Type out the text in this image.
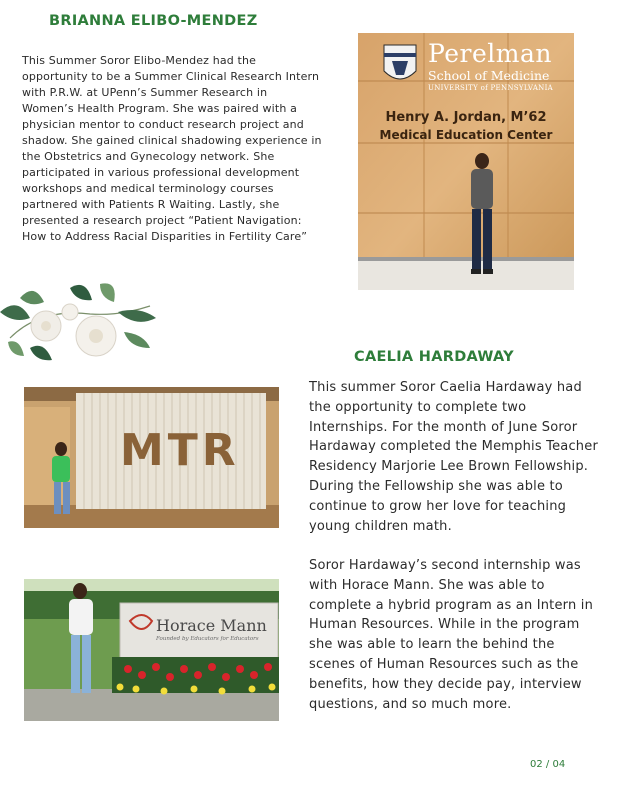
BRIANNA ELIBO-MENDEZ

This Summer Soror Elibo-Mendez had the opportunity to be a Summer Clinical Research Intern with P.R.W. at UPenn’s Summer Research in Women’s Health Program. She was paired with a physician mentor to conduct research project and shadow. She gained clinical shadowing experience in the Obstetrics and Gynecology network. She participated in various professional development workshops and medical terminology courses partnered with Patients R Waiting. Lastly, she presented a research project “Patient Navigation: How to Address Racial Disparities in Fertility Care”

Perelman
School of Medicine
UNIVERSITY of PENNSYLVANIA
Henry A. Jordan, M’62
Medical Education Center
CAELIA HARDAWAY
MTR

This summer Soror Caelia Hardaway had the opportunity to complete two Internships. For the month of June Soror Hardaway completed the Memphis Teacher Residency Marjorie Lee Brown Fellowship. During the Fellowship she was able to continue to grow her love for teaching young children math.

Soror Hardaway’s second internship was with Horace Mann. She was able to complete a hybrid program as an Intern in Human Resources. While in the program she was able to learn the behind the scenes of Human Resources such as the benefits, how they decide pay, interview questions, and so much more.

Horace Mann
Founded by Educators for Educators
02 / 04
